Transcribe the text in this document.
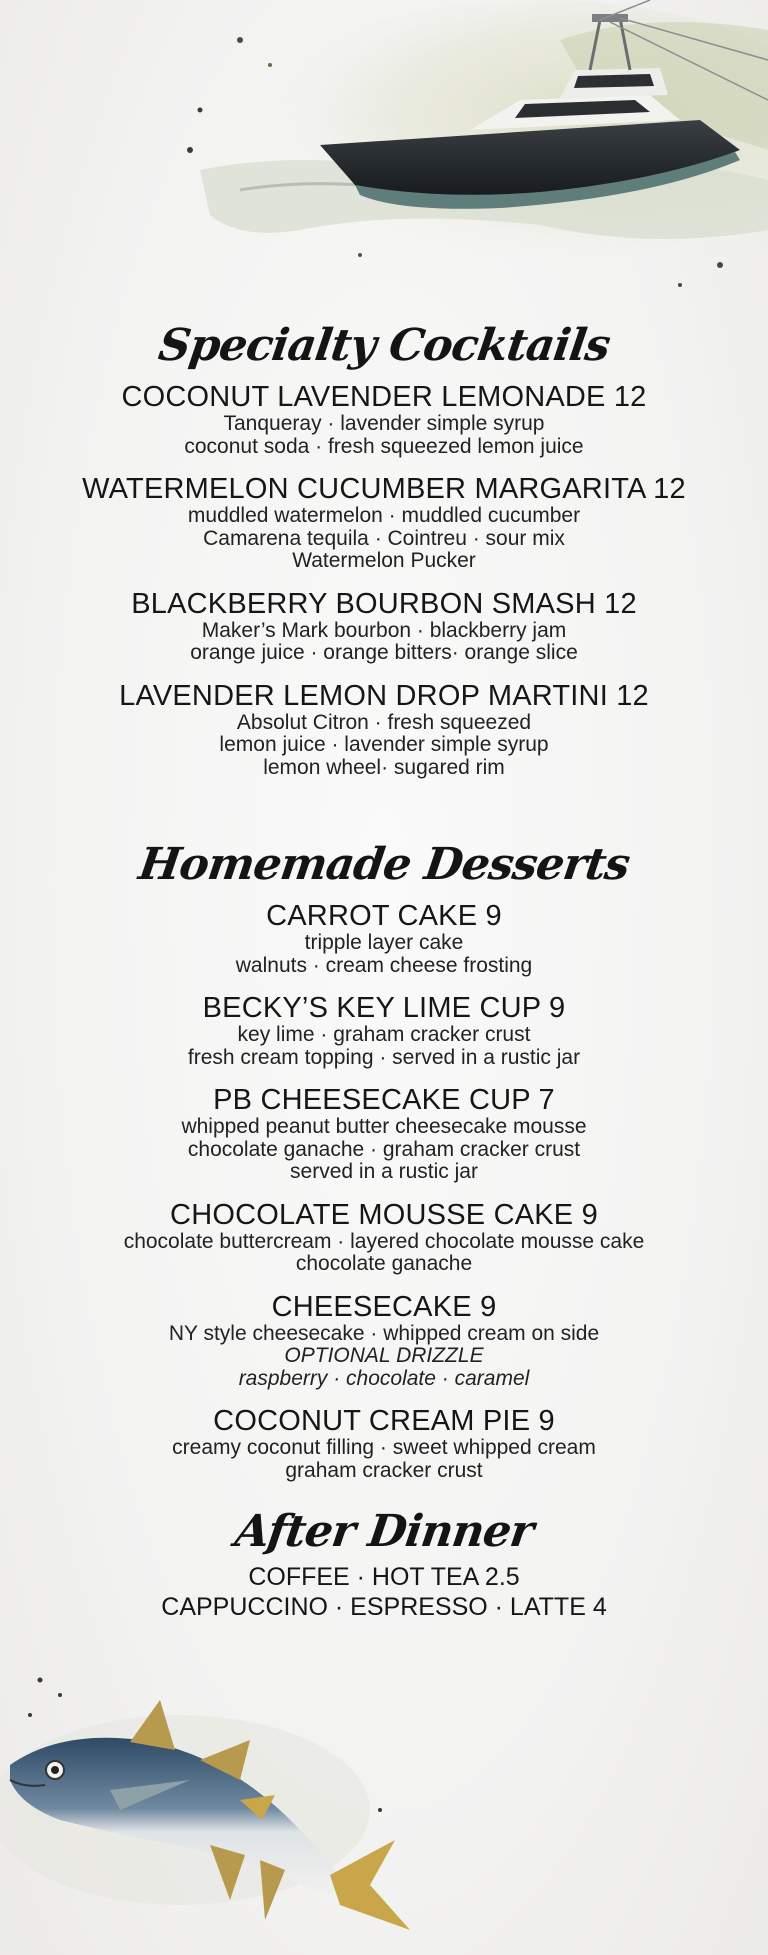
Specialty Cocktails

COCONUT LAVENDER LEMONADE 12

Tanqueray · lavender simple syrup

coconut soda · fresh squeezed lemon juice

WATERMELON CUCUMBER MARGARITA 12

muddled watermelon · muddled cucumber

Camarena tequila · Cointreu · sour mix

Watermelon Pucker

BLACKBERRY BOURBON SMASH 12

Maker’s Mark bourbon · blackberry jam

orange juice · orange bitters· orange slice

LAVENDER LEMON DROP MARTINI 12

Absolut Citron · fresh squeezed

lemon juice · lavender simple syrup

lemon wheel· sugared rim

Homemade Desserts

CARROT CAKE 9

tripple layer cake

walnuts · cream cheese frosting

BECKY’S KEY LIME CUP 9

key lime · graham cracker crust

fresh cream topping · served in a rustic jar

PB CHEESECAKE CUP 7

whipped peanut butter cheesecake mousse

chocolate ganache · graham cracker crust

served in a rustic jar

CHOCOLATE MOUSSE CAKE 9

chocolate buttercream · layered chocolate mousse cake

chocolate ganache

CHEESECAKE 9

NY style cheesecake · whipped cream on side

OPTIONAL DRIZZLE

raspberry · chocolate · caramel

COCONUT CREAM PIE 9

creamy coconut filling · sweet whipped cream

graham cracker crust

After Dinner

COFFEE · HOT TEA 2.5

CAPPUCCINO · ESPRESSO · LATTE 4
